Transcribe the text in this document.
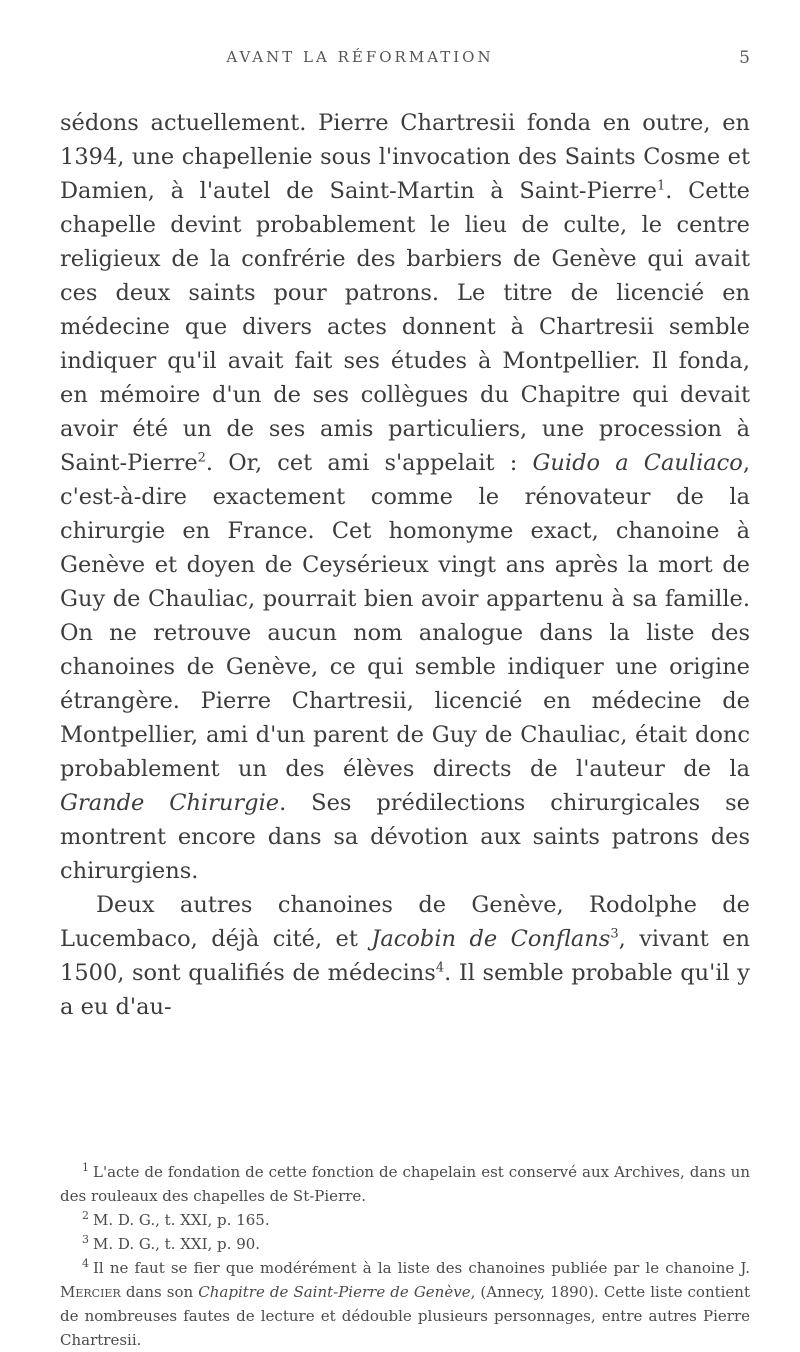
AVANT LA RÉFORMATION	5

sédons actuellement. Pierre Chartresii fonda en outre, en 1394, une chapellenie sous l'invocation des Saints Cosme et Damien, à l'autel de Saint-Martin à Saint-Pierre$^1$. Cette chapelle devint probablement le lieu de culte, le centre religieux de la confrérie des barbiers de Genève qui avait ces deux saints pour patrons. Le titre de licencié en médecine que divers actes donnent à Chartresii semble indiquer qu'il avait fait ses études à Montpellier. Il fonda, en mémoire d'un de ses collègues du Chapitre qui devait avoir été un de ses amis particuliers, une procession à Saint-Pierre$^2$. Or, cet ami s'appelait : Guido a Cauliaco, c'est-à-dire exactement comme le rénovateur de la chirurgie en France. Cet homonyme exact, chanoine à Genève et doyen de Ceysérieux vingt ans après la mort de Guy de Chauliac, pourrait bien avoir appartenu à sa famille. On ne retrouve aucun nom analogue dans la liste des chanoines de Genève, ce qui semble indiquer une origine étrangère. Pierre Chartresii, licencié en médecine de Montpellier, ami d'un parent de Guy de Chauliac, était donc probablement un des élèves directs de l'auteur de la Grande Chirurgie. Ses prédilections chirurgicales se montrent encore dans sa dévotion aux saints patrons des chirurgiens.

Deux autres chanoines de Genève, Rodolphe de Lucembaco, déjà cité, et Jacobin de Conflans$^3$, vivant en 1500, sont qualifiés de médecins$^4$. Il semble probable qu'il y a eu d'au-

$^1$ L'acte de fondation de cette fonction de chapelain est conservé aux Archives, dans un des rouleaux des chapelles de St-Pierre.

$^2$ M. D. G., t. XXI, p. 165.

$^3$ M. D. G., t. XXI, p. 90.

$^4$ Il ne faut se fier que modérément à la liste des chanoines publiée par le chanoine J. Mercier dans son Chapitre de Saint-Pierre de Genève, (Annecy, 1890). Cette liste contient de nombreuses fautes de lecture et dédouble plusieurs personnages, entre autres Pierre Chartresii.
